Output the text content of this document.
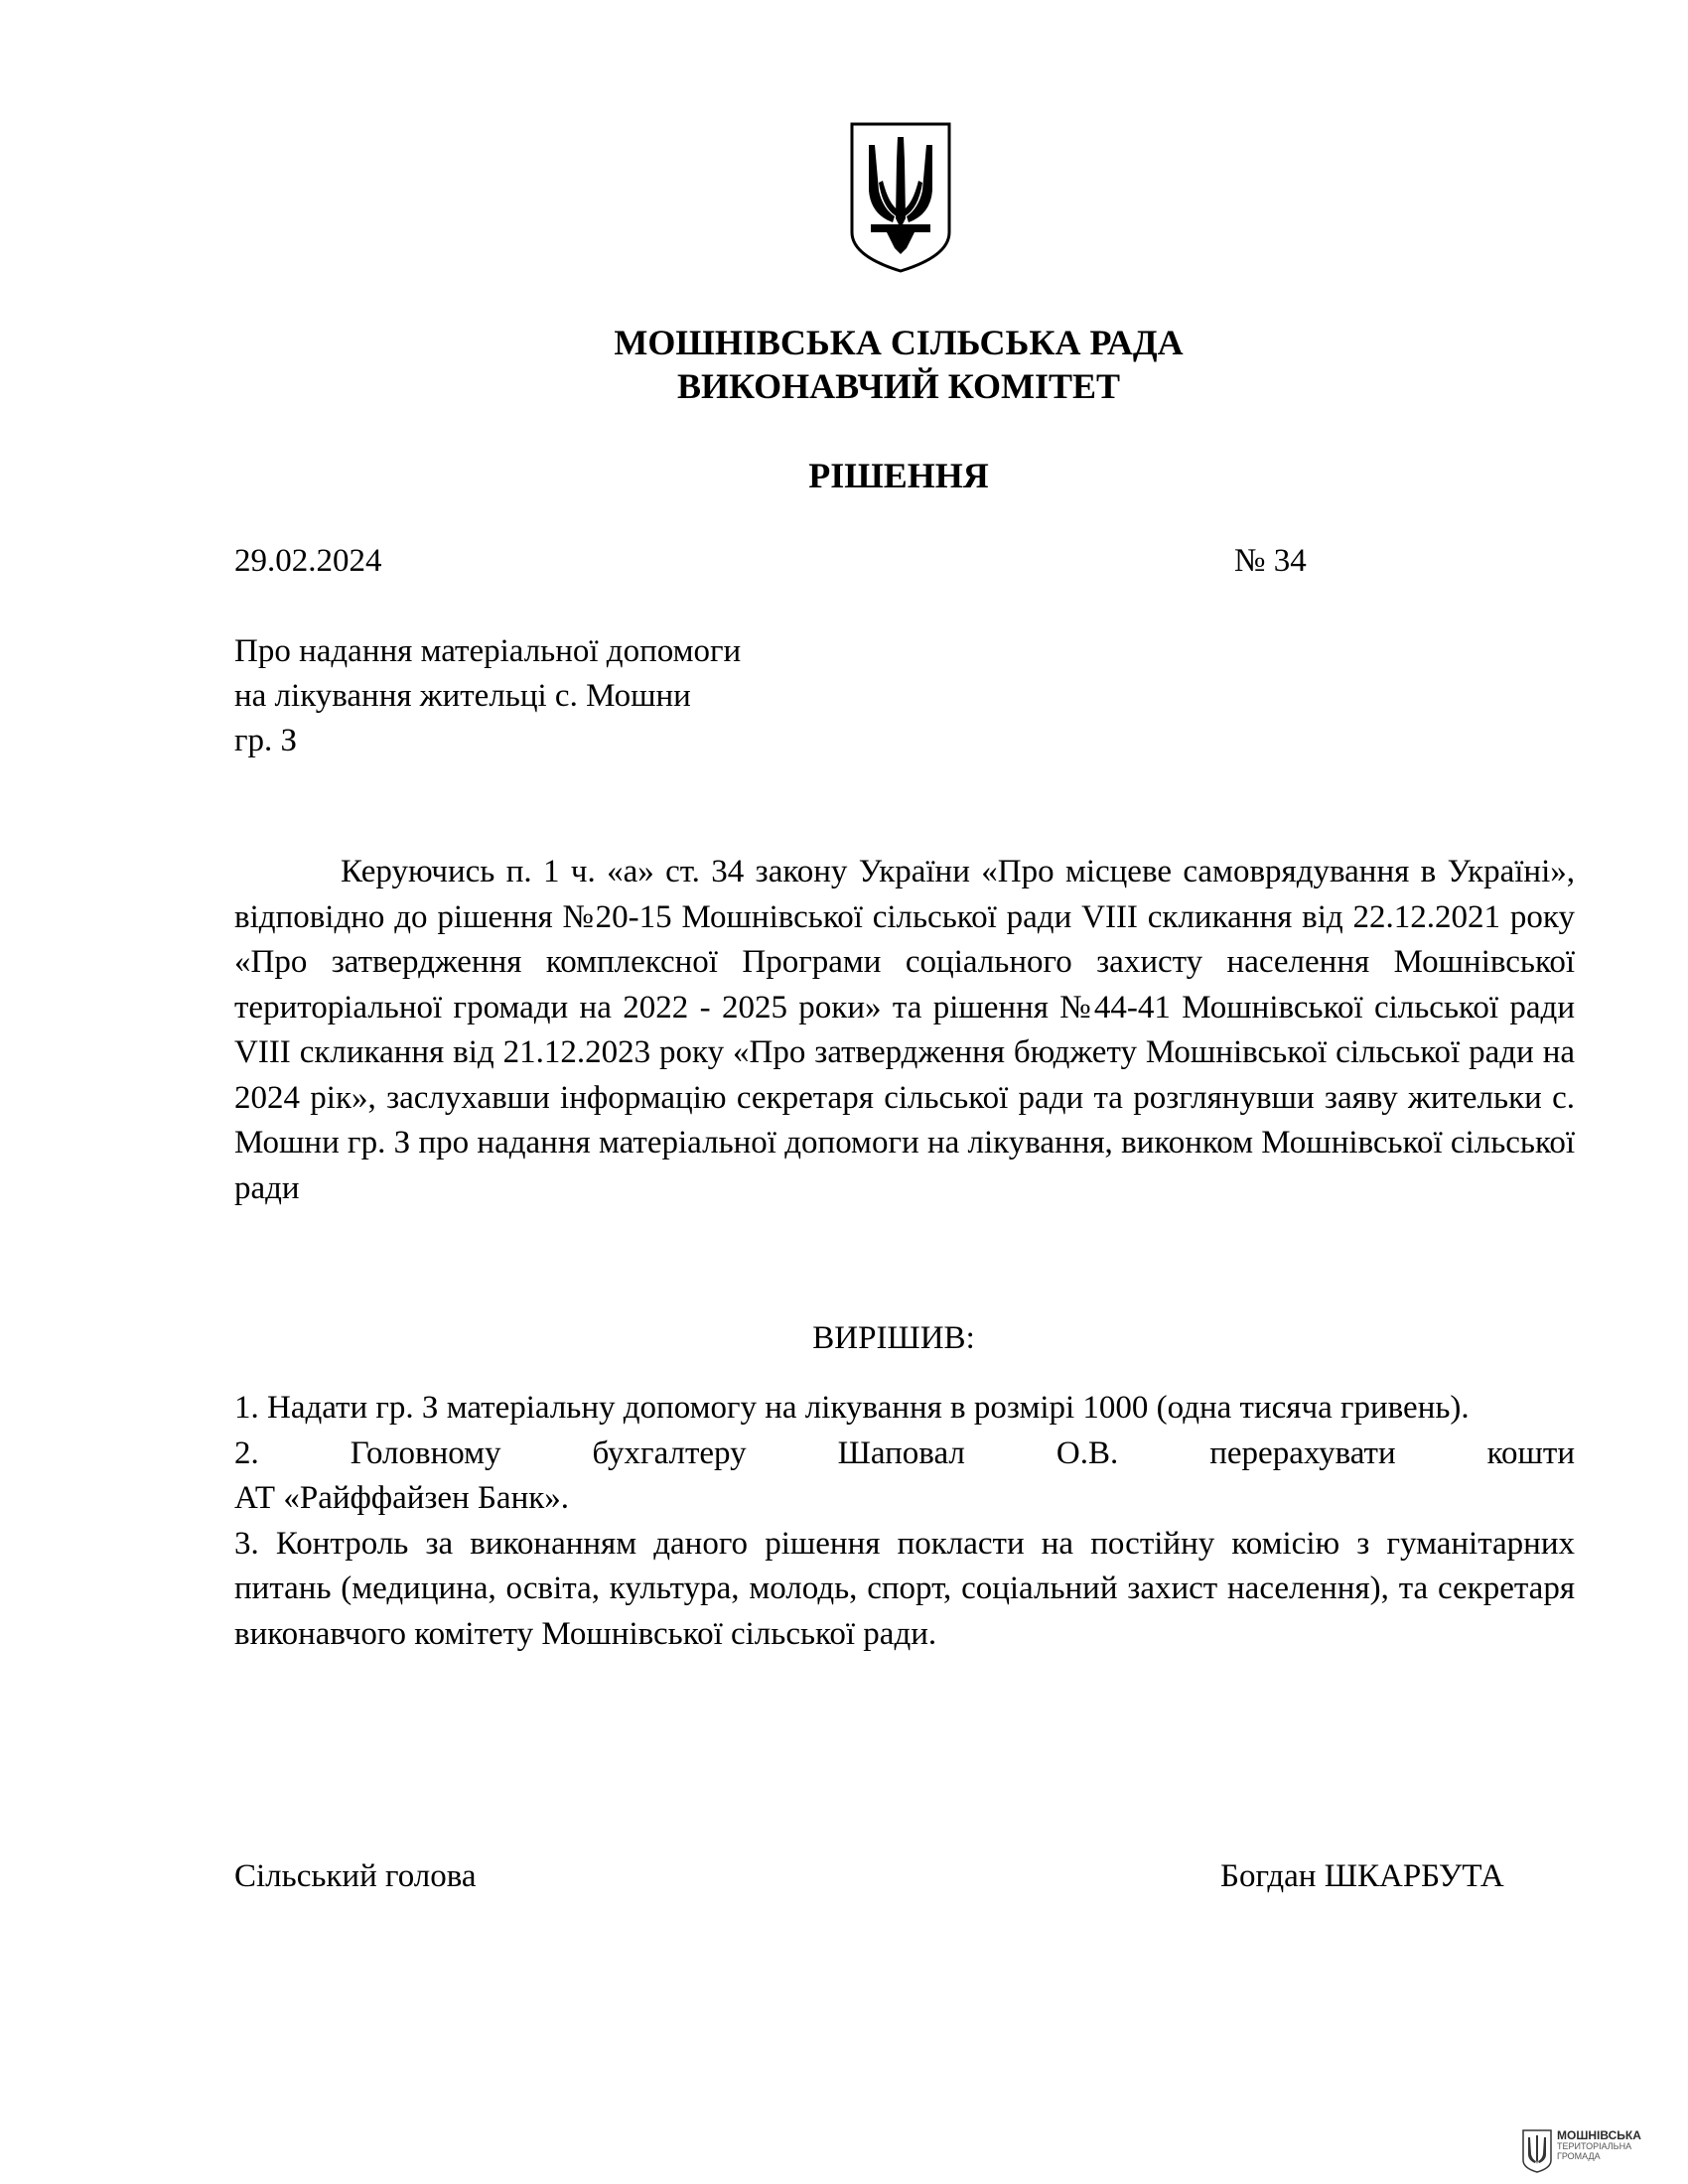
МОШНІВСЬКА СІЛЬСЬКА РАДА
ВИКОНАВЧИЙ КОМІТЕТ
РІШЕННЯ
29.02.2024	№ 34
Про надання матеріальної допомоги
на лікування жительці с. Мошни
гр. З
Керуючись п. 1 ч. «а» ст. 34 закону України «Про місцеве самоврядування в Україні», відповідно до рішення №20-15 Мошнівської сільської ради VIII скликання від 22.12.2021 року «Про затвердження комплексної Програми соціального захисту населення Мошнівської територіальної громади на 2022 - 2025 роки» та рішення №44-41 Мошнівської сільської ради VIII скликання від 21.12.2023 року «Про затвердження бюджету Мошнівської сільської ради на 2024 рік», заслухавши інформацію секретаря сільської ради та розглянувши заяву жительки с. Мошни гр. З про надання матеріальної допомоги на лікування, виконком Мошнівської сільської ради
ВИРІШИВ:
1. Надати гр. З матеріальну допомогу на лікування в розмірі 1000 (одна тисяча гривень).
2. Головному бухгалтеру Шаповал О.В. перерахувати кошти
АТ «Райффайзен Банк».
3. Контроль за виконанням даного рішення покласти на постійну комісію з гуманітарних питань (медицина, освіта, культура, молодь, спорт, соціальний захист населення), та секретаря виконавчого комітету Мошнівської сільської ради.
Сільський голова	Богдан ШКАРБУТА
МОШНІВСЬКА
ТЕРИТОРІАЛЬНА
ГРОМАДА
